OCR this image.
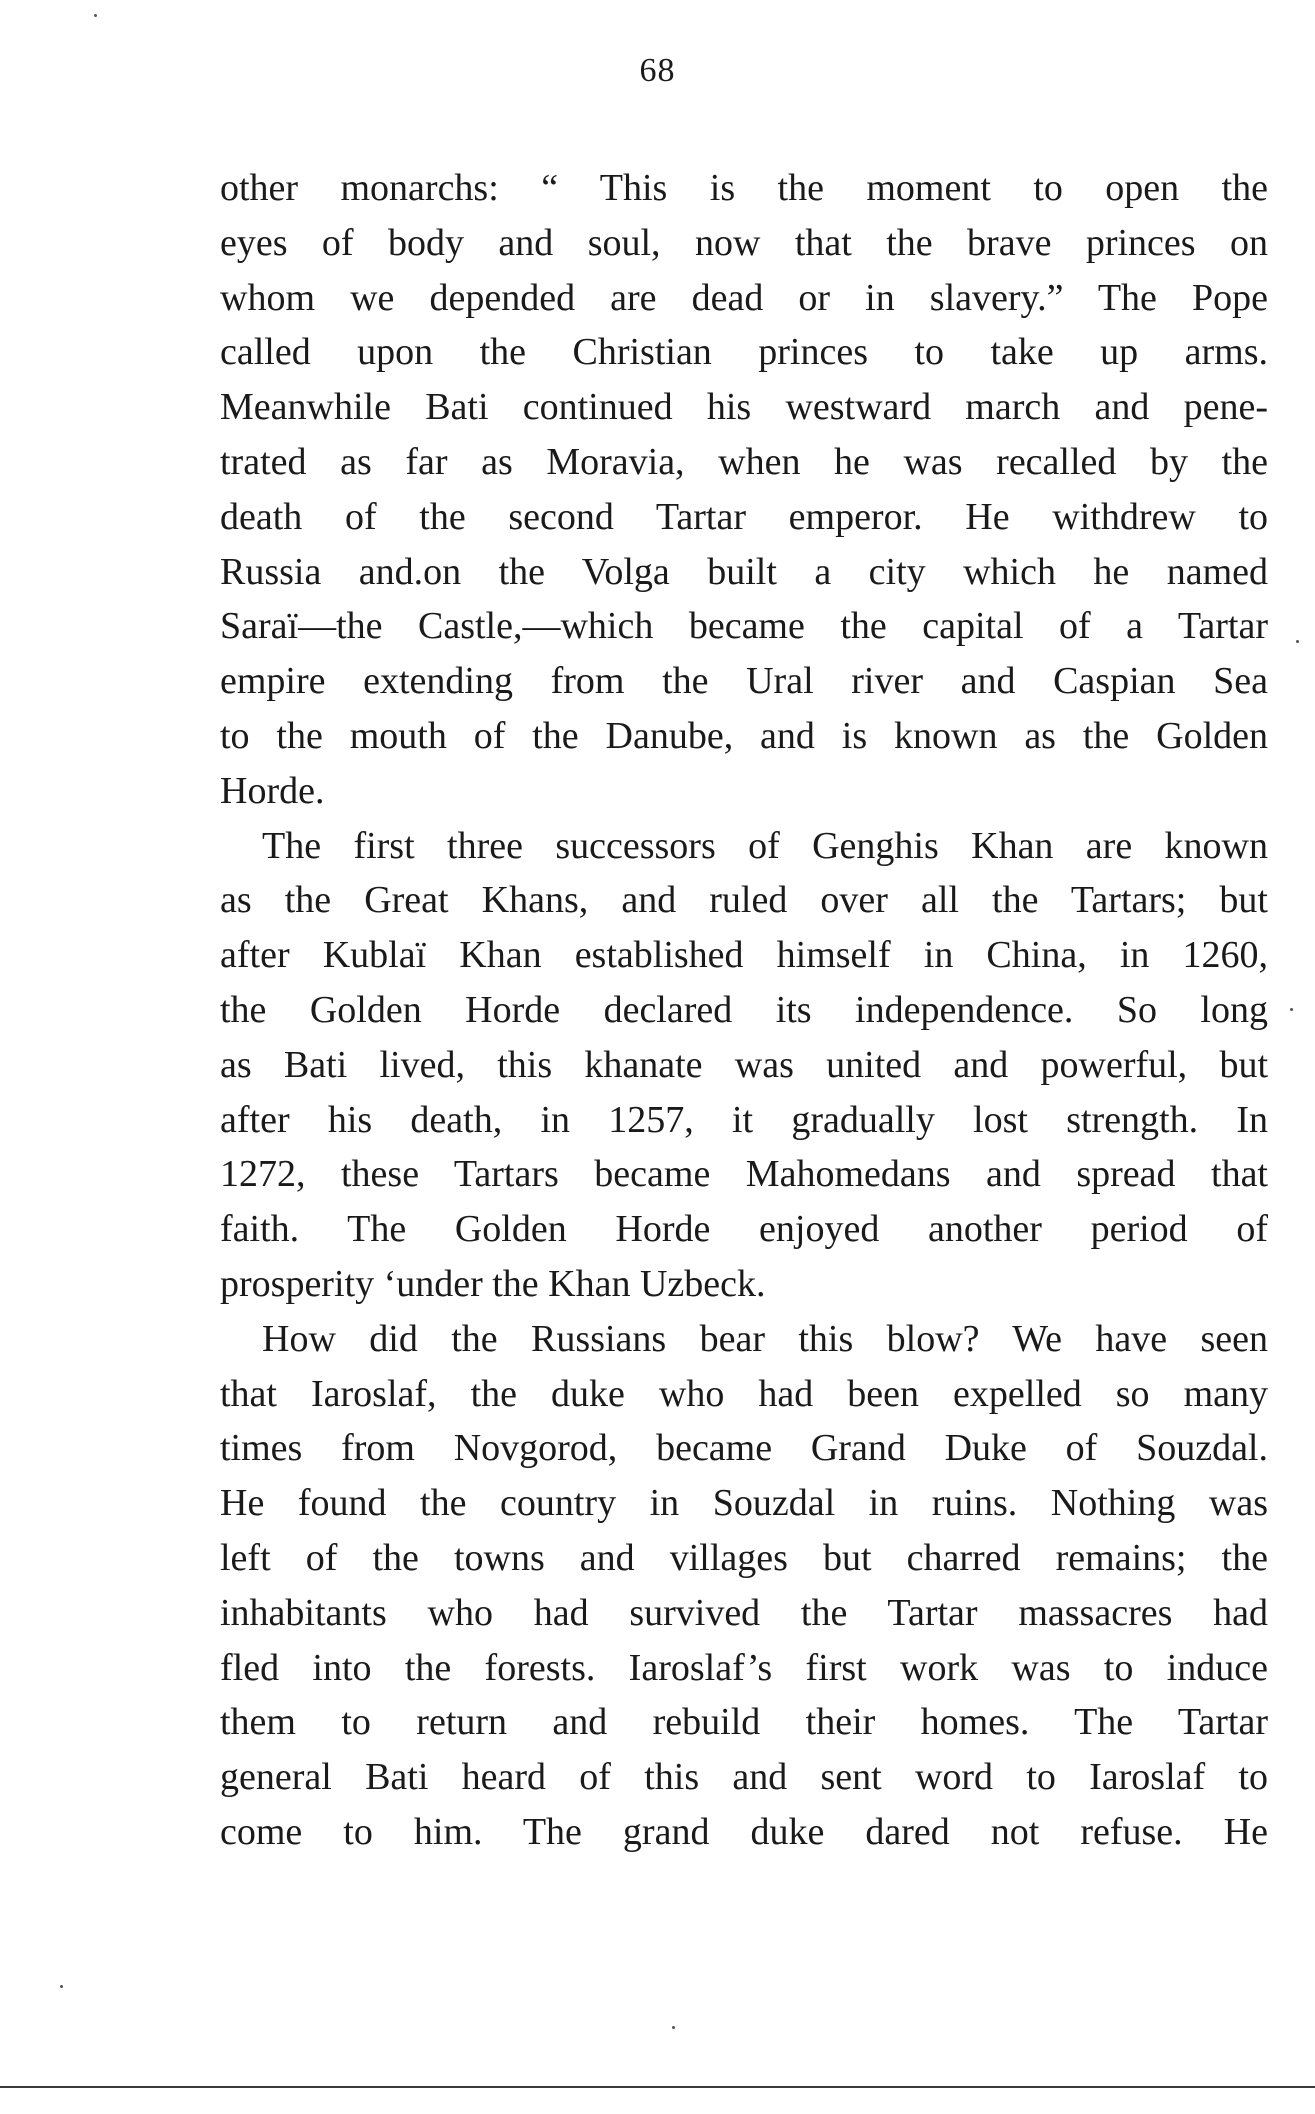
68
other monarchs: “ This is the moment to open the
eyes of body and soul, now that the brave princes on
whom we depended are dead or in slavery.” The Pope
called upon the Christian princes to take up arms.
Meanwhile Bati continued his westward march and pene-
trated as far as Moravia, when he was recalled by the
death of the second Tartar emperor. He withdrew to
Russia and.on the Volga built a city which he named
Saraï—the Castle,—which became the capital of a Tartar
empire extending from the Ural river and Caspian Sea
to the mouth of the Danube, and is known as the Golden
Horde.
The first three successors of Genghis Khan are known
as the Great Khans, and ruled over all the Tartars; but
after Kublaï Khan established himself in China, in 1260,
the Golden Horde declared its independence. So long
as Bati lived, this khanate was united and powerful, but
after his death, in 1257, it gradually lost strength. In
1272, these Tartars became Mahomedans and spread that
faith. The Golden Horde enjoyed another period of
prosperity ‘under the Khan Uzbeck.
How did the Russians bear this blow? We have seen
that Iaroslaf, the duke who had been expelled so many
times from Novgorod, became Grand Duke of Souzdal.
He found the country in Souzdal in ruins. Nothing was
left of the towns and villages but charred remains; the
inhabitants who had survived the Tartar massacres had
fled into the forests. Iaroslaf’s first work was to induce
them to return and rebuild their homes. The Tartar
general Bati heard of this and sent word to Iaroslaf to
come to him. The grand duke dared not refuse. He
